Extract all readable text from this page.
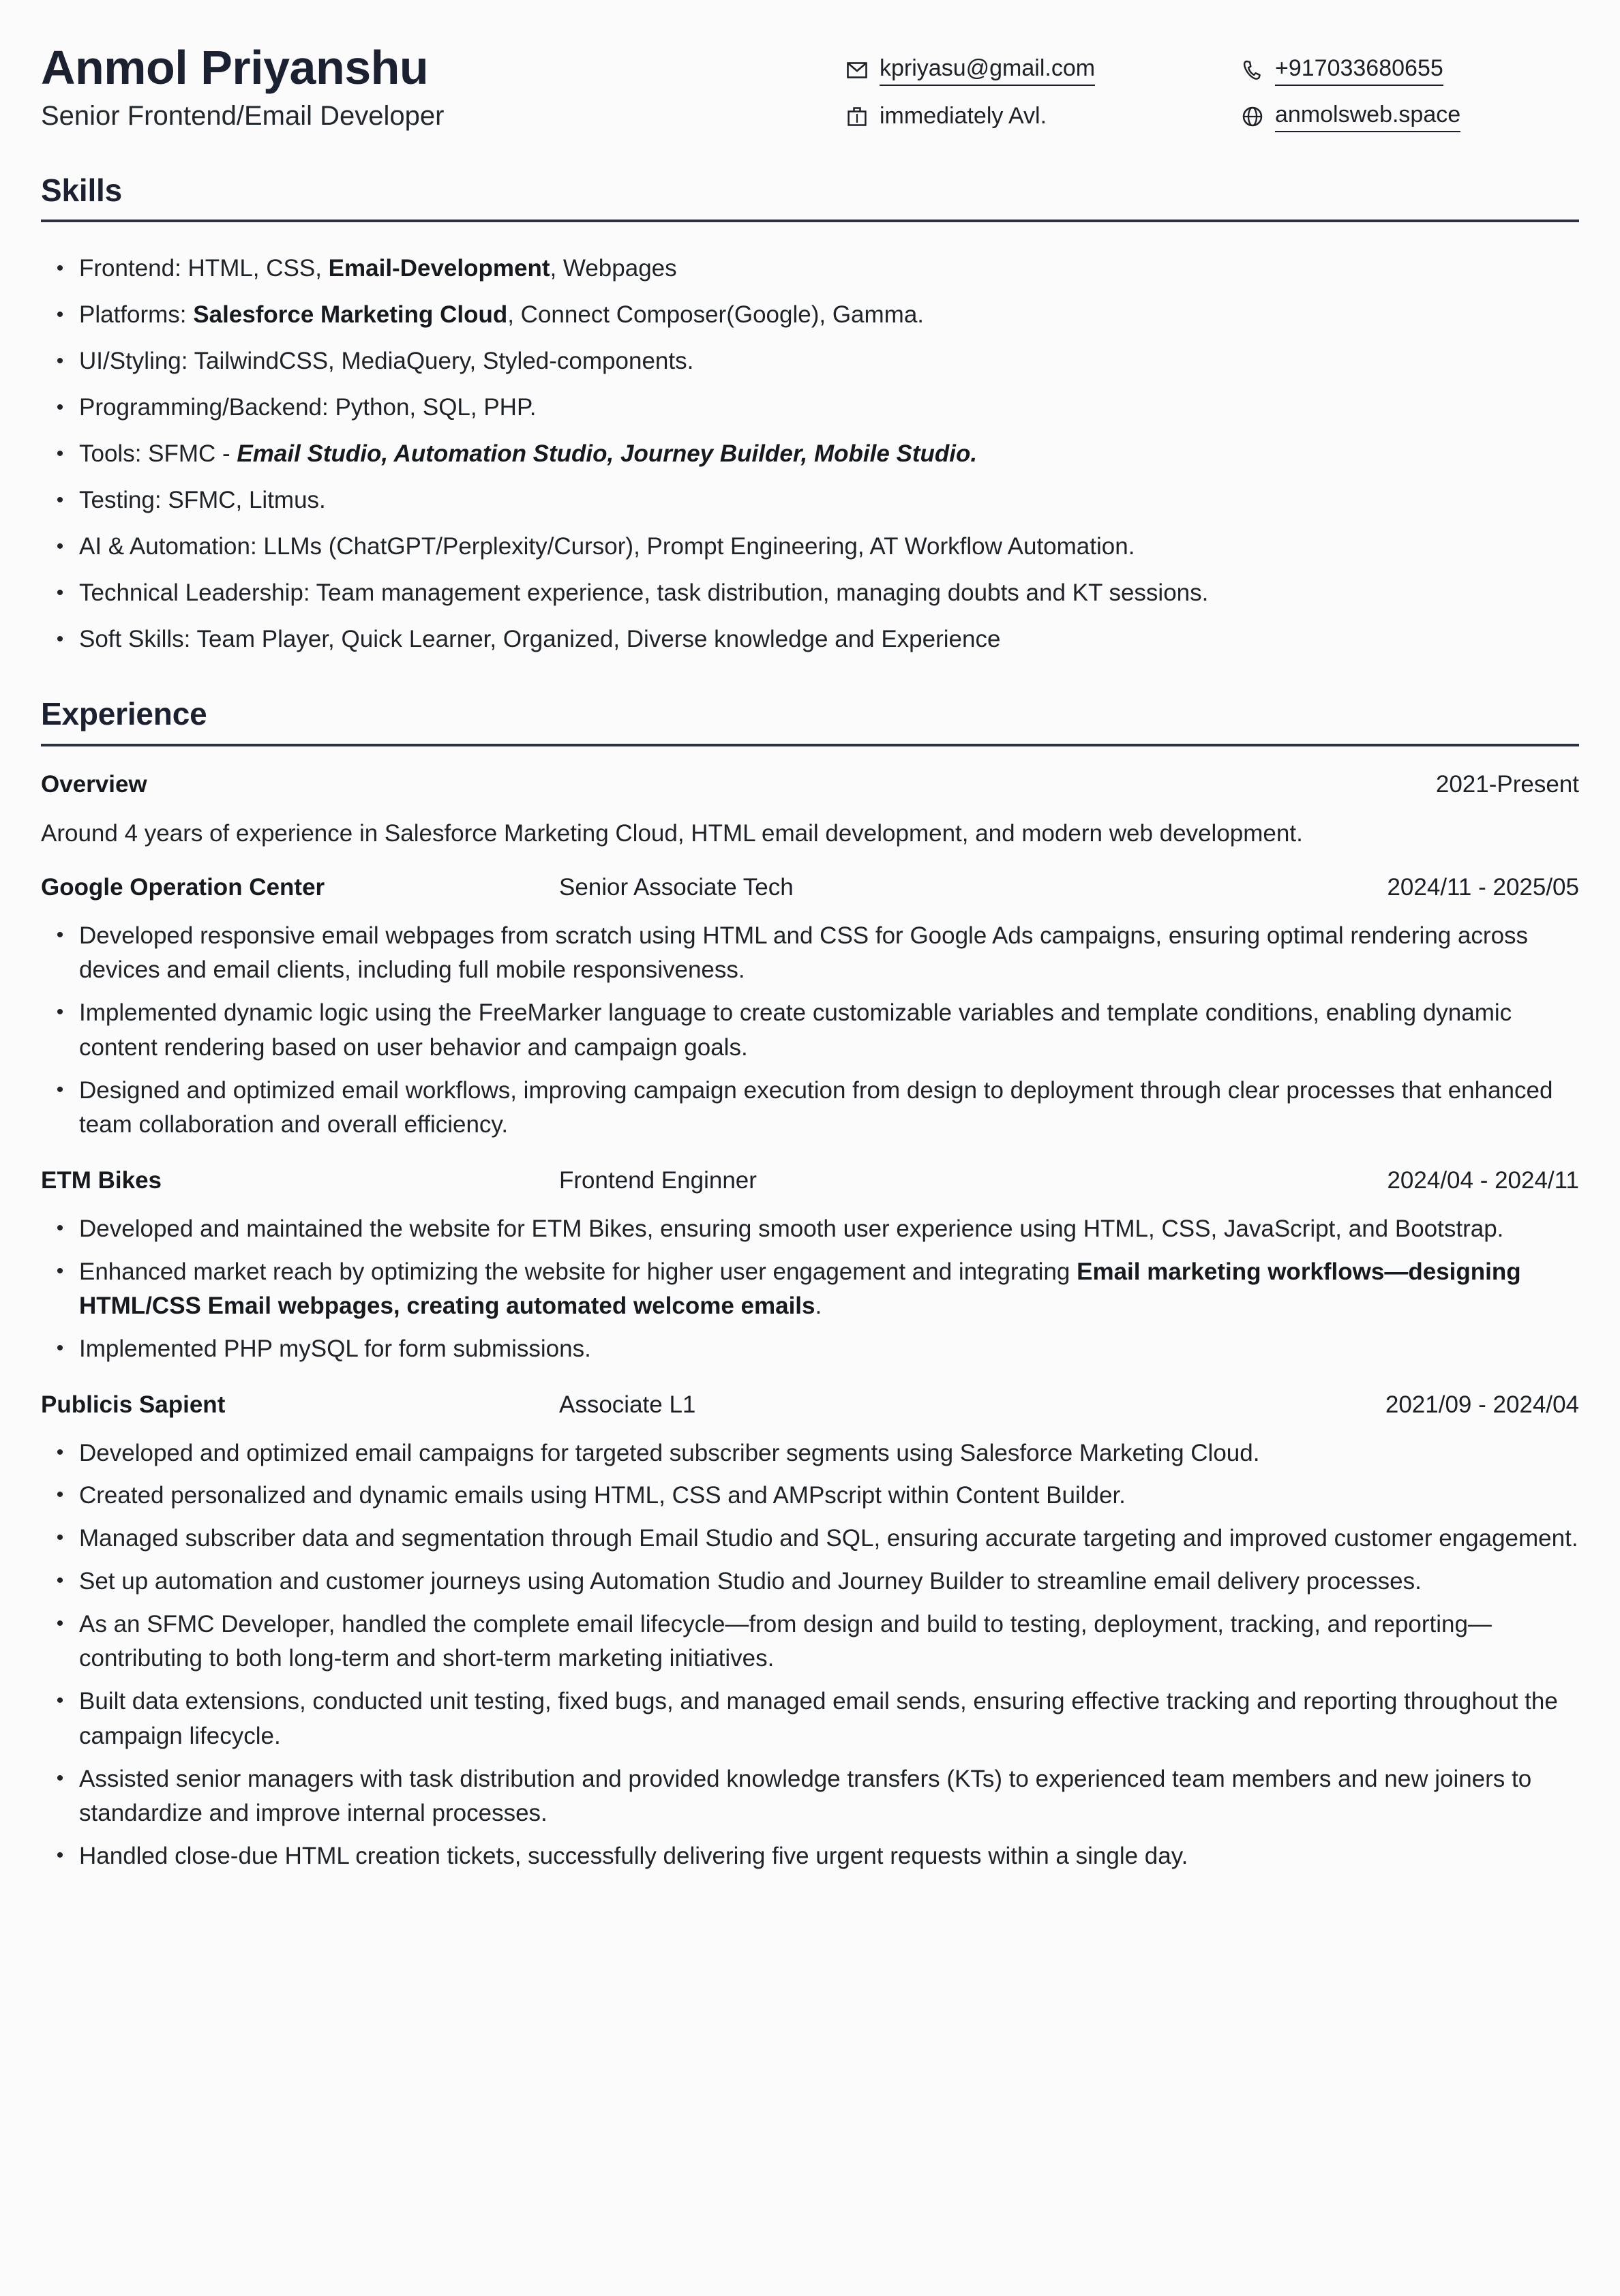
Anmol Priyanshu
Senior Frontend/Email Developer
kpriyasu@gmail.com	+917033680655
immediately Avl.	anmolsweb.space
Skills
• Frontend: HTML, CSS, Email-Development, Webpages
• Platforms: Salesforce Marketing Cloud, Connect Composer(Google), Gamma.
• UI/Styling: TailwindCSS, MediaQuery, Styled-components.
• Programming/Backend: Python, SQL, PHP.
• Tools: SFMC - Email Studio, Automation Studio, Journey Builder, Mobile Studio.
• Testing: SFMC, Litmus.
• AI & Automation: LLMs (ChatGPT/Perplexity/Cursor), Prompt Engineering, AT Workflow Automation.
• Technical Leadership: Team management experience, task distribution, managing doubts and KT sessions.
• Soft Skills: Team Player, Quick Learner, Organized, Diverse knowledge and Experience
Experience
Overview	2021-Present
Around 4 years of experience in Salesforce Marketing Cloud, HTML email development, and modern web development.
Google Operation Center	Senior Associate Tech	2024/11 - 2025/05
• Developed responsive email webpages from scratch using HTML and CSS for Google Ads campaigns, ensuring optimal rendering across devices and email clients, including full mobile responsiveness.
• Implemented dynamic logic using the FreeMarker language to create customizable variables and template conditions, enabling dynamic content rendering based on user behavior and campaign goals.
• Designed and optimized email workflows, improving campaign execution from design to deployment through clear processes that enhanced team collaboration and overall efficiency.
ETM Bikes	Frontend Enginner	2024/04 - 2024/11
• Developed and maintained the website for ETM Bikes, ensuring smooth user experience using HTML, CSS, JavaScript, and Bootstrap.
• Enhanced market reach by optimizing the website for higher user engagement and integrating Email marketing workflows—designing HTML/CSS Email webpages, creating automated welcome emails.
• Implemented PHP mySQL for form submissions.
Publicis Sapient	Associate L1	2021/09 - 2024/04
• Developed and optimized email campaigns for targeted subscriber segments using Salesforce Marketing Cloud.
• Created personalized and dynamic emails using HTML, CSS and AMPscript within Content Builder.
• Managed subscriber data and segmentation through Email Studio and SQL, ensuring accurate targeting and improved customer engagement.
• Set up automation and customer journeys using Automation Studio and Journey Builder to streamline email delivery processes.
• As an SFMC Developer, handled the complete email lifecycle—from design and build to testing, deployment, tracking, and reporting—contributing to both long-term and short-term marketing initiatives.
• Built data extensions, conducted unit testing, fixed bugs, and managed email sends, ensuring effective tracking and reporting throughout the campaign lifecycle.
• Assisted senior managers with task distribution and provided knowledge transfers (KTs) to experienced team members and new joiners to standardize and improve internal processes.
• Handled close-due HTML creation tickets, successfully delivering five urgent requests within a single day.
